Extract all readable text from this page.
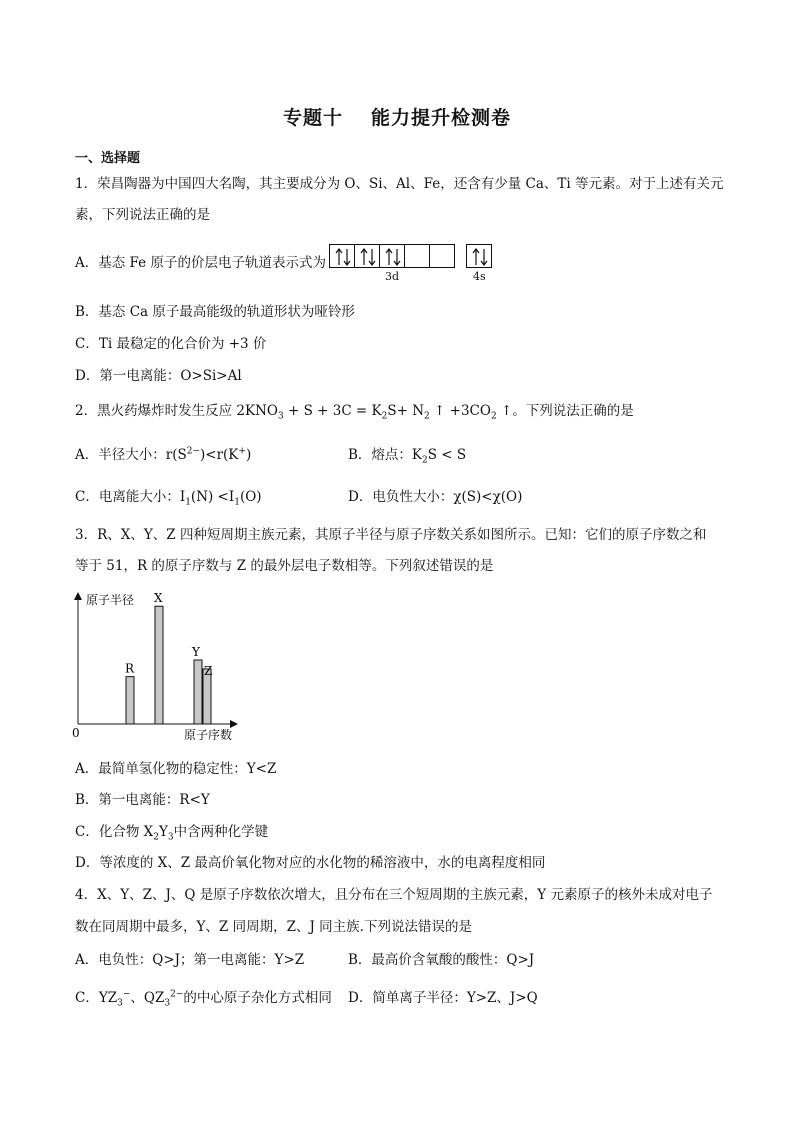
专题十 能力提升检测卷
一、选择题
1．荣昌陶器为中国四大名陶，其主要成分为 O、Si、Al、Fe，还含有少量 Ca、Ti 等元素。对于上述有关元
素，下列说法正确的是
A．基态 Fe 原子的价层电子轨道表示式为
3d	4s
B．基态 Ca 原子最高能级的轨道形状为哑铃形
C．Ti 最稳定的化合价为 +3 价
D．第一电离能：O>Si>Al
2．黑火药爆炸时发生反应 $2KNO_3 + S + 3C = K_2S+ N_2$ ↑ $+3CO_2$ ↑。下列说法正确的是
A．半径大小：$r(S^{2-})<r(K^+)$	B．熔点：$K_2S < S$
C．电离能大小：$I_1(N) <I_1(O)$	D．电负性大小：χ(S)<χ(O)
3．R、X、Y、Z 四种短周期主族元素，其原子半径与原子序数关系如图所示。已知：它们的原子序数之和
等于 51，R 的原子序数与 Z 的最外层电子数相等。下列叙述错误的是
原子半径
原子序数
0
R
X
Y
Z
A．最简单氢化物的稳定性：Y<Z
B．第一电离能：R<Y
C．化合物 $X_2Y_3$中含两种化学键
D．等浓度的 X、Z 最高价氧化物对应的水化物的稀溶液中，水的电离程度相同
4．X、Y、Z、J、Q 是原子序数依次增大，且分布在三个短周期的主族元素，Y 元素原子的核外未成对电子
数在同周期中最多，Y、Z 同周期，Z、J 同主族.下列说法错误的是
A．电负性：Q>J；第一电离能：Y>Z	B．最高价含氧酸的酸性：Q>J
C．$YZ_3^-$、$QZ_3^{2-}$的中心原子杂化方式相同 D．简单离子半径：Y>Z、J>Q
